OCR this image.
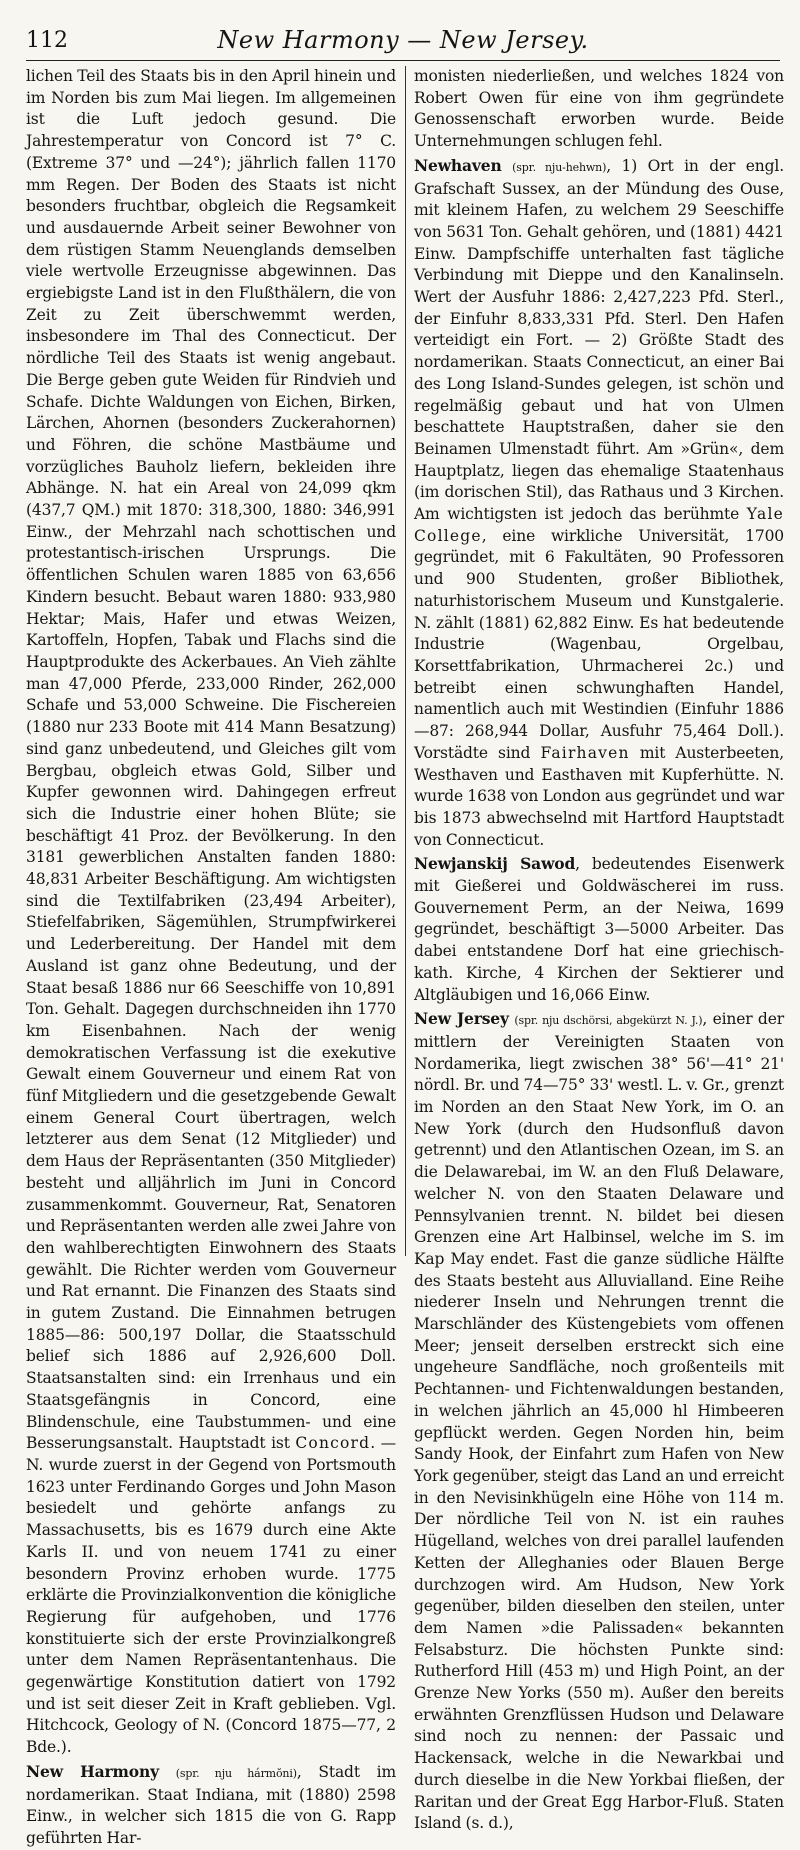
112	New Harmony — New Jersey.

lichen Teil des Staats bis in den April hinein und im Norden bis zum Mai liegen. Im allgemeinen ist die Luft jedoch gesund. Die Jahrestemperatur von Concord ist 7° C. (Extreme 37° und —24°); jährlich fallen 1170 mm Regen. Der Boden des Staats ist nicht besonders fruchtbar, obgleich die Regsamkeit und ausdauernde Arbeit seiner Bewohner von dem rüstigen Stamm Neuenglands demselben viele wertvolle Erzeugnisse abgewinnen. Das ergiebigste Land ist in den Flußthälern, die von Zeit zu Zeit überschwemmt werden, insbesondere im Thal des Connecticut. Der nördliche Teil des Staats ist wenig angebaut. Die Berge geben gute Weiden für Rindvieh und Schafe. Dichte Waldungen von Eichen, Birken, Lärchen, Ahornen (besonders Zuckerahornen) und Föhren, die schöne Mastbäume und vorzügliches Bauholz liefern, bekleiden ihre Abhänge. N. hat ein Areal von 24,099 qkm (437,7 QM.) mit 1870: 318,300, 1880: 346,991 Einw., der Mehrzahl nach schottischen und protestantisch-irischen Ursprungs. Die öffentlichen Schulen waren 1885 von 63,656 Kindern besucht. Bebaut waren 1880: 933,980 Hektar; Mais, Hafer und etwas Weizen, Kartoffeln, Hopfen, Tabak und Flachs sind die Hauptprodukte des Ackerbaues. An Vieh zählte man 47,000 Pferde, 233,000 Rinder, 262,000 Schafe und 53,000 Schweine. Die Fischereien (1880 nur 233 Boote mit 414 Mann Besatzung) sind ganz unbedeutend, und Gleiches gilt vom Bergbau, obgleich etwas Gold, Silber und Kupfer gewonnen wird. Dahingegen erfreut sich die Industrie einer hohen Blüte; sie beschäftigt 41 Proz. der Bevölkerung. In den 3181 gewerblichen Anstalten fanden 1880: 48,831 Arbeiter Beschäftigung. Am wichtigsten sind die Textilfabriken (23,494 Arbeiter), Stiefelfabriken, Sägemühlen, Strumpfwirkerei und Lederbereitung. Der Handel mit dem Ausland ist ganz ohne Bedeutung, und der Staat besaß 1886 nur 66 Seeschiffe von 10,891 Ton. Gehalt. Dagegen durchschneiden ihn 1770 km Eisenbahnen. Nach der wenig demokratischen Verfassung ist die exekutive Gewalt einem Gouverneur und einem Rat von fünf Mitgliedern und die gesetzgebende Gewalt einem General Court übertragen, welch letzterer aus dem Senat (12 Mitglieder) und dem Haus der Repräsentanten (350 Mitglieder) besteht und alljährlich im Juni in Concord zusammenkommt. Gouverneur, Rat, Senatoren und Repräsentanten werden alle zwei Jahre von den wahlberechtigten Einwohnern des Staats gewählt. Die Richter werden vom Gouverneur und Rat ernannt. Die Finanzen des Staats sind in gutem Zustand. Die Einnahmen betrugen 1885—86: 500,197 Dollar, die Staatsschuld belief sich 1886 auf 2,926,600 Doll. Staatsanstalten sind: ein Irrenhaus und ein Staatsgefängnis in Concord, eine Blindenschule, eine Taubstummen- und eine Besserungsanstalt. Hauptstadt ist Concord. — N. wurde zuerst in der Gegend von Portsmouth 1623 unter Ferdinando Gorges und John Mason besiedelt und gehörte anfangs zu Massachusetts, bis es 1679 durch eine Akte Karls II. und von neuem 1741 zu einer besondern Provinz erhoben wurde. 1775 erklärte die Provinzialkonvention die königliche Regierung für aufgehoben, und 1776 konstituierte sich der erste Provinzialkongreß unter dem Namen Repräsentantenhaus. Die gegenwärtige Konstitution datiert von 1792 und ist seit dieser Zeit in Kraft geblieben. Vgl. Hitchcock, Geology of N. (Concord 1875—77, 2 Bde.).

New Harmony (spr. nju hármŏni), Stadt im nordamerikan. Staat Indiana, mit (1880) 2598 Einw., in welcher sich 1815 die von G. Rapp geführten Har-

monisten niederließen, und welches 1824 von Robert Owen für eine von ihm gegründete Genossenschaft erworben wurde. Beide Unternehmungen schlugen fehl.

Newhaven (spr. nju-hehwn), 1) Ort in der engl. Grafschaft Sussex, an der Mündung des Ouse, mit kleinem Hafen, zu welchem 29 Seeschiffe von 5631 Ton. Gehalt gehören, und (1881) 4421 Einw. Dampfschiffe unterhalten fast tägliche Verbindung mit Dieppe und den Kanalinseln. Wert der Ausfuhr 1886: 2,427,223 Pfd. Sterl., der Einfuhr 8,833,331 Pfd. Sterl. Den Hafen verteidigt ein Fort. — 2) Größte Stadt des nordamerikan. Staats Connecticut, an einer Bai des Long Island-Sundes gelegen, ist schön und regelmäßig gebaut und hat von Ulmen beschattete Hauptstraßen, daher sie den Beinamen Ulmenstadt führt. Am »Grün«, dem Hauptplatz, liegen das ehemalige Staatenhaus (im dorischen Stil), das Rathaus und 3 Kirchen. Am wichtigsten ist jedoch das berühmte Yale College, eine wirkliche Universität, 1700 gegründet, mit 6 Fakultäten, 90 Professoren und 900 Studenten, großer Bibliothek, naturhistorischem Museum und Kunstgalerie. N. zählt (1881) 62,882 Einw. Es hat bedeutende Industrie (Wagenbau, Orgelbau, Korsettfabrikation, Uhrmacherei 2c.) und betreibt einen schwunghaften Handel, namentlich auch mit Westindien (Einfuhr 1886—87: 268,944 Dollar, Ausfuhr 75,464 Doll.). Vorstädte sind Fairhaven mit Austerbeeten, Westhaven und Easthaven mit Kupferhütte. N. wurde 1638 von London aus gegründet und war bis 1873 abwechselnd mit Hartford Hauptstadt von Connecticut.

Newjanskij Sawod, bedeutendes Eisenwerk mit Gießerei und Goldwäscherei im russ. Gouvernement Perm, an der Neiwa, 1699 gegründet, beschäftigt 3—5000 Arbeiter. Das dabei entstandene Dorf hat eine griechisch-kath. Kirche, 4 Kirchen der Sektierer und Altgläubigen und 16,066 Einw.

New Jersey (spr. nju dschörsi, abgekürzt N. J.), einer der mittlern der Vereinigten Staaten von Nordamerika, liegt zwischen 38° 56'—41° 21' nördl. Br. und 74—75° 33' westl. L. v. Gr., grenzt im Norden an den Staat New York, im O. an New York (durch den Hudsonfluß davon getrennt) und den Atlantischen Ozean, im S. an die Delawarebai, im W. an den Fluß Delaware, welcher N. von den Staaten Delaware und Pennsylvanien trennt. N. bildet bei diesen Grenzen eine Art Halbinsel, welche im S. im Kap May endet. Fast die ganze südliche Hälfte des Staats besteht aus Alluvialland. Eine Reihe niederer Inseln und Nehrungen trennt die Marschländer des Küstengebiets vom offenen Meer; jenseit derselben erstreckt sich eine ungeheure Sandfläche, noch großenteils mit Pechtannen- und Fichtenwaldungen bestanden, in welchen jährlich an 45,000 hl Himbeeren gepflückt werden. Gegen Norden hin, beim Sandy Hook, der Einfahrt zum Hafen von New York gegenüber, steigt das Land an und erreicht in den Nevisinkhügeln eine Höhe von 114 m. Der nördliche Teil von N. ist ein rauhes Hügelland, welches von drei parallel laufenden Ketten der Alleghanies oder Blauen Berge durchzogen wird. Am Hudson, New York gegenüber, bilden dieselben den steilen, unter dem Namen »die Palissaden« bekannten Felsabsturz. Die höchsten Punkte sind: Rutherford Hill (453 m) und High Point, an der Grenze New Yorks (550 m). Außer den bereits erwähnten Grenzflüssen Hudson und Delaware sind noch zu nennen: der Passaic und Hackensack, welche in die Newarkbai und durch dieselbe in die New Yorkbai fließen, der Raritan und der Great Egg Harbor-Fluß. Staten Island (s. d.),
